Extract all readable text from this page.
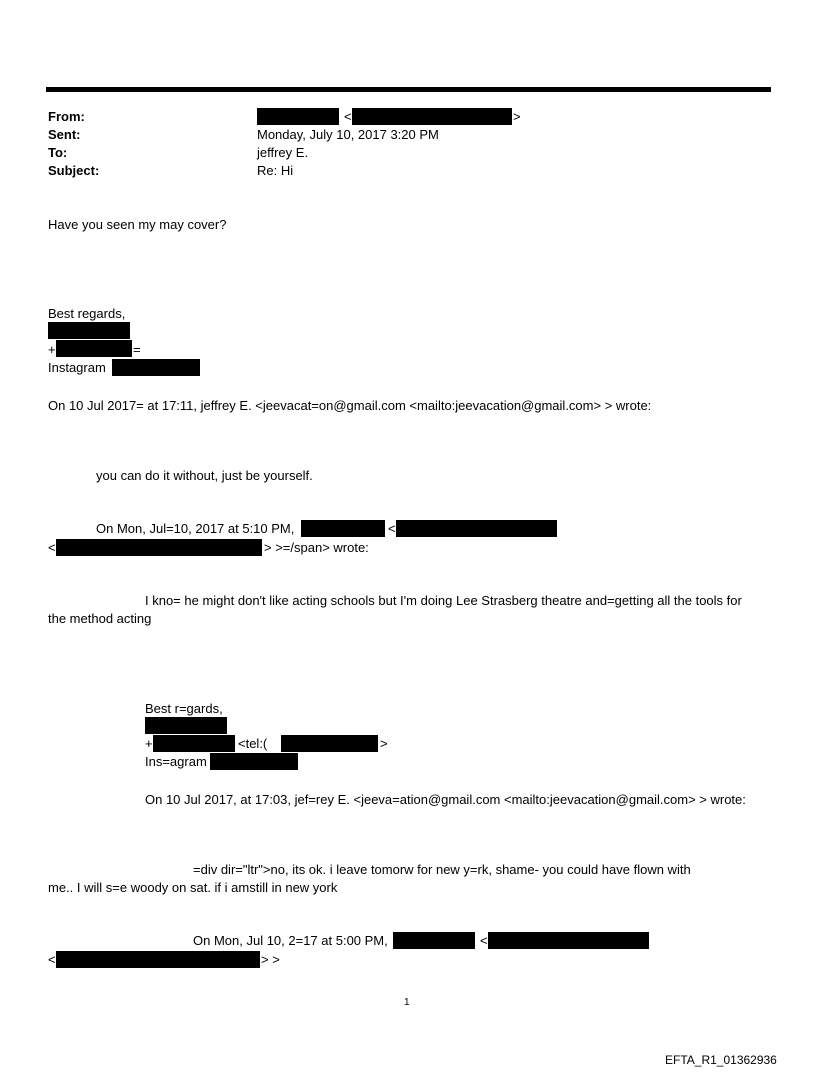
From:	<	>
Sent:	Monday, July 10, 2017 3:20 PM
To:	jeffrey E.
Subject:	Re: Hi
Have you seen my may cover?
Best regards,
+	=
Instagram
On 10 Jul 2017= at 17:11, jeffrey E. <jeevacat=on@gmail.com <mailto:jeevacation@gmail.com> > wrote:
you can do it without, just be yourself.
On Mon, Jul=10, 2017 at 5:10 PM,	<
<	> >=/span> wrote:
I kno= he might don't like acting schools but I'm doing Lee Strasberg theatre and=getting all the tools for
the method acting
Best r=gards,
+	<tel:(	>
Ins=agram
On 10 Jul 2017, at 17:03, jef=rey E. <jeeva=ation@gmail.com <mailto:jeevacation@gmail.com> > wrote:
=div dir="ltr">no, its ok. i leave tomorw for new y=rk, shame- you could have flown with
me.. I will s=e woody on sat. if i amstill in new york
On Mon, Jul 10, 2=17 at 5:00 PM,	<
<	> >
1
EFTA_R1_01362936
